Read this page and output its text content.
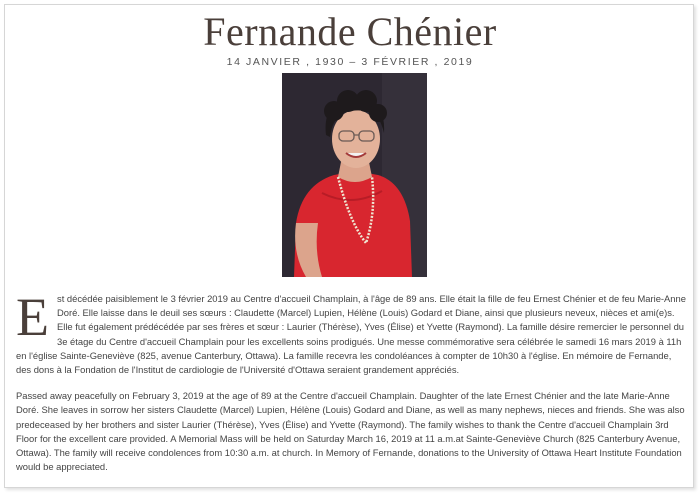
Fernande Chénier
14 JANVIER , 1930 – 3 FÉVRIER , 2019

Est décédée paisiblement le 3 février 2019 au Centre d'accueil Champlain, à l'âge de 89 ans. Elle était la fille de feu Ernest Chénier et de feu Marie-Anne Doré. Elle laisse dans le deuil ses sœurs : Claudette (Marcel) Lupien, Hélène (Louis) Godard et Diane, ainsi que plusieurs neveux, nièces et ami(e)s. Elle fut également prédécédée par ses frères et sœur : Laurier (Thérèse), Yves (Élise) et Yvette (Raymond). La famille désire remercier le personnel du 3e étage du Centre d'accueil Champlain pour les excellents soins prodigués. Une messe commémorative sera célébrée le samedi 16 mars 2019 à 11h en l'église Sainte-Geneviève (825, avenue Canterbury, Ottawa). La famille recevra les condoléances à compter de 10h30 à l'église. En mémoire de Fernande, des dons à la Fondation de l'Institut de cardiologie de l'Université d'Ottawa seraient grandement appréciés.

Passed away peacefully on February 3, 2019 at the age of 89 at the Centre d'accueil Champlain. Daughter of the late Ernest Chénier and the late Marie-Anne Doré. She leaves in sorrow her sisters Claudette (Marcel) Lupien, Hélène (Louis) Godard and Diane, as well as many nephews, nieces and friends. She was also predeceased by her brothers and sister Laurier (Thérèse), Yves (Élise) and Yvette (Raymond). The family wishes to thank the Centre d'accueil Champlain 3rd Floor for the excellent care provided. A Memorial Mass will be held on Saturday March 16, 2019 at 11 a.m.at Sainte-Geneviève Church (825 Canterbury Avenue, Ottawa). The family will receive condolences from 10:30 a.m. at church. In Memory of Fernande, donations to the University of Ottawa Heart Institute Foundation would be appreciated.
